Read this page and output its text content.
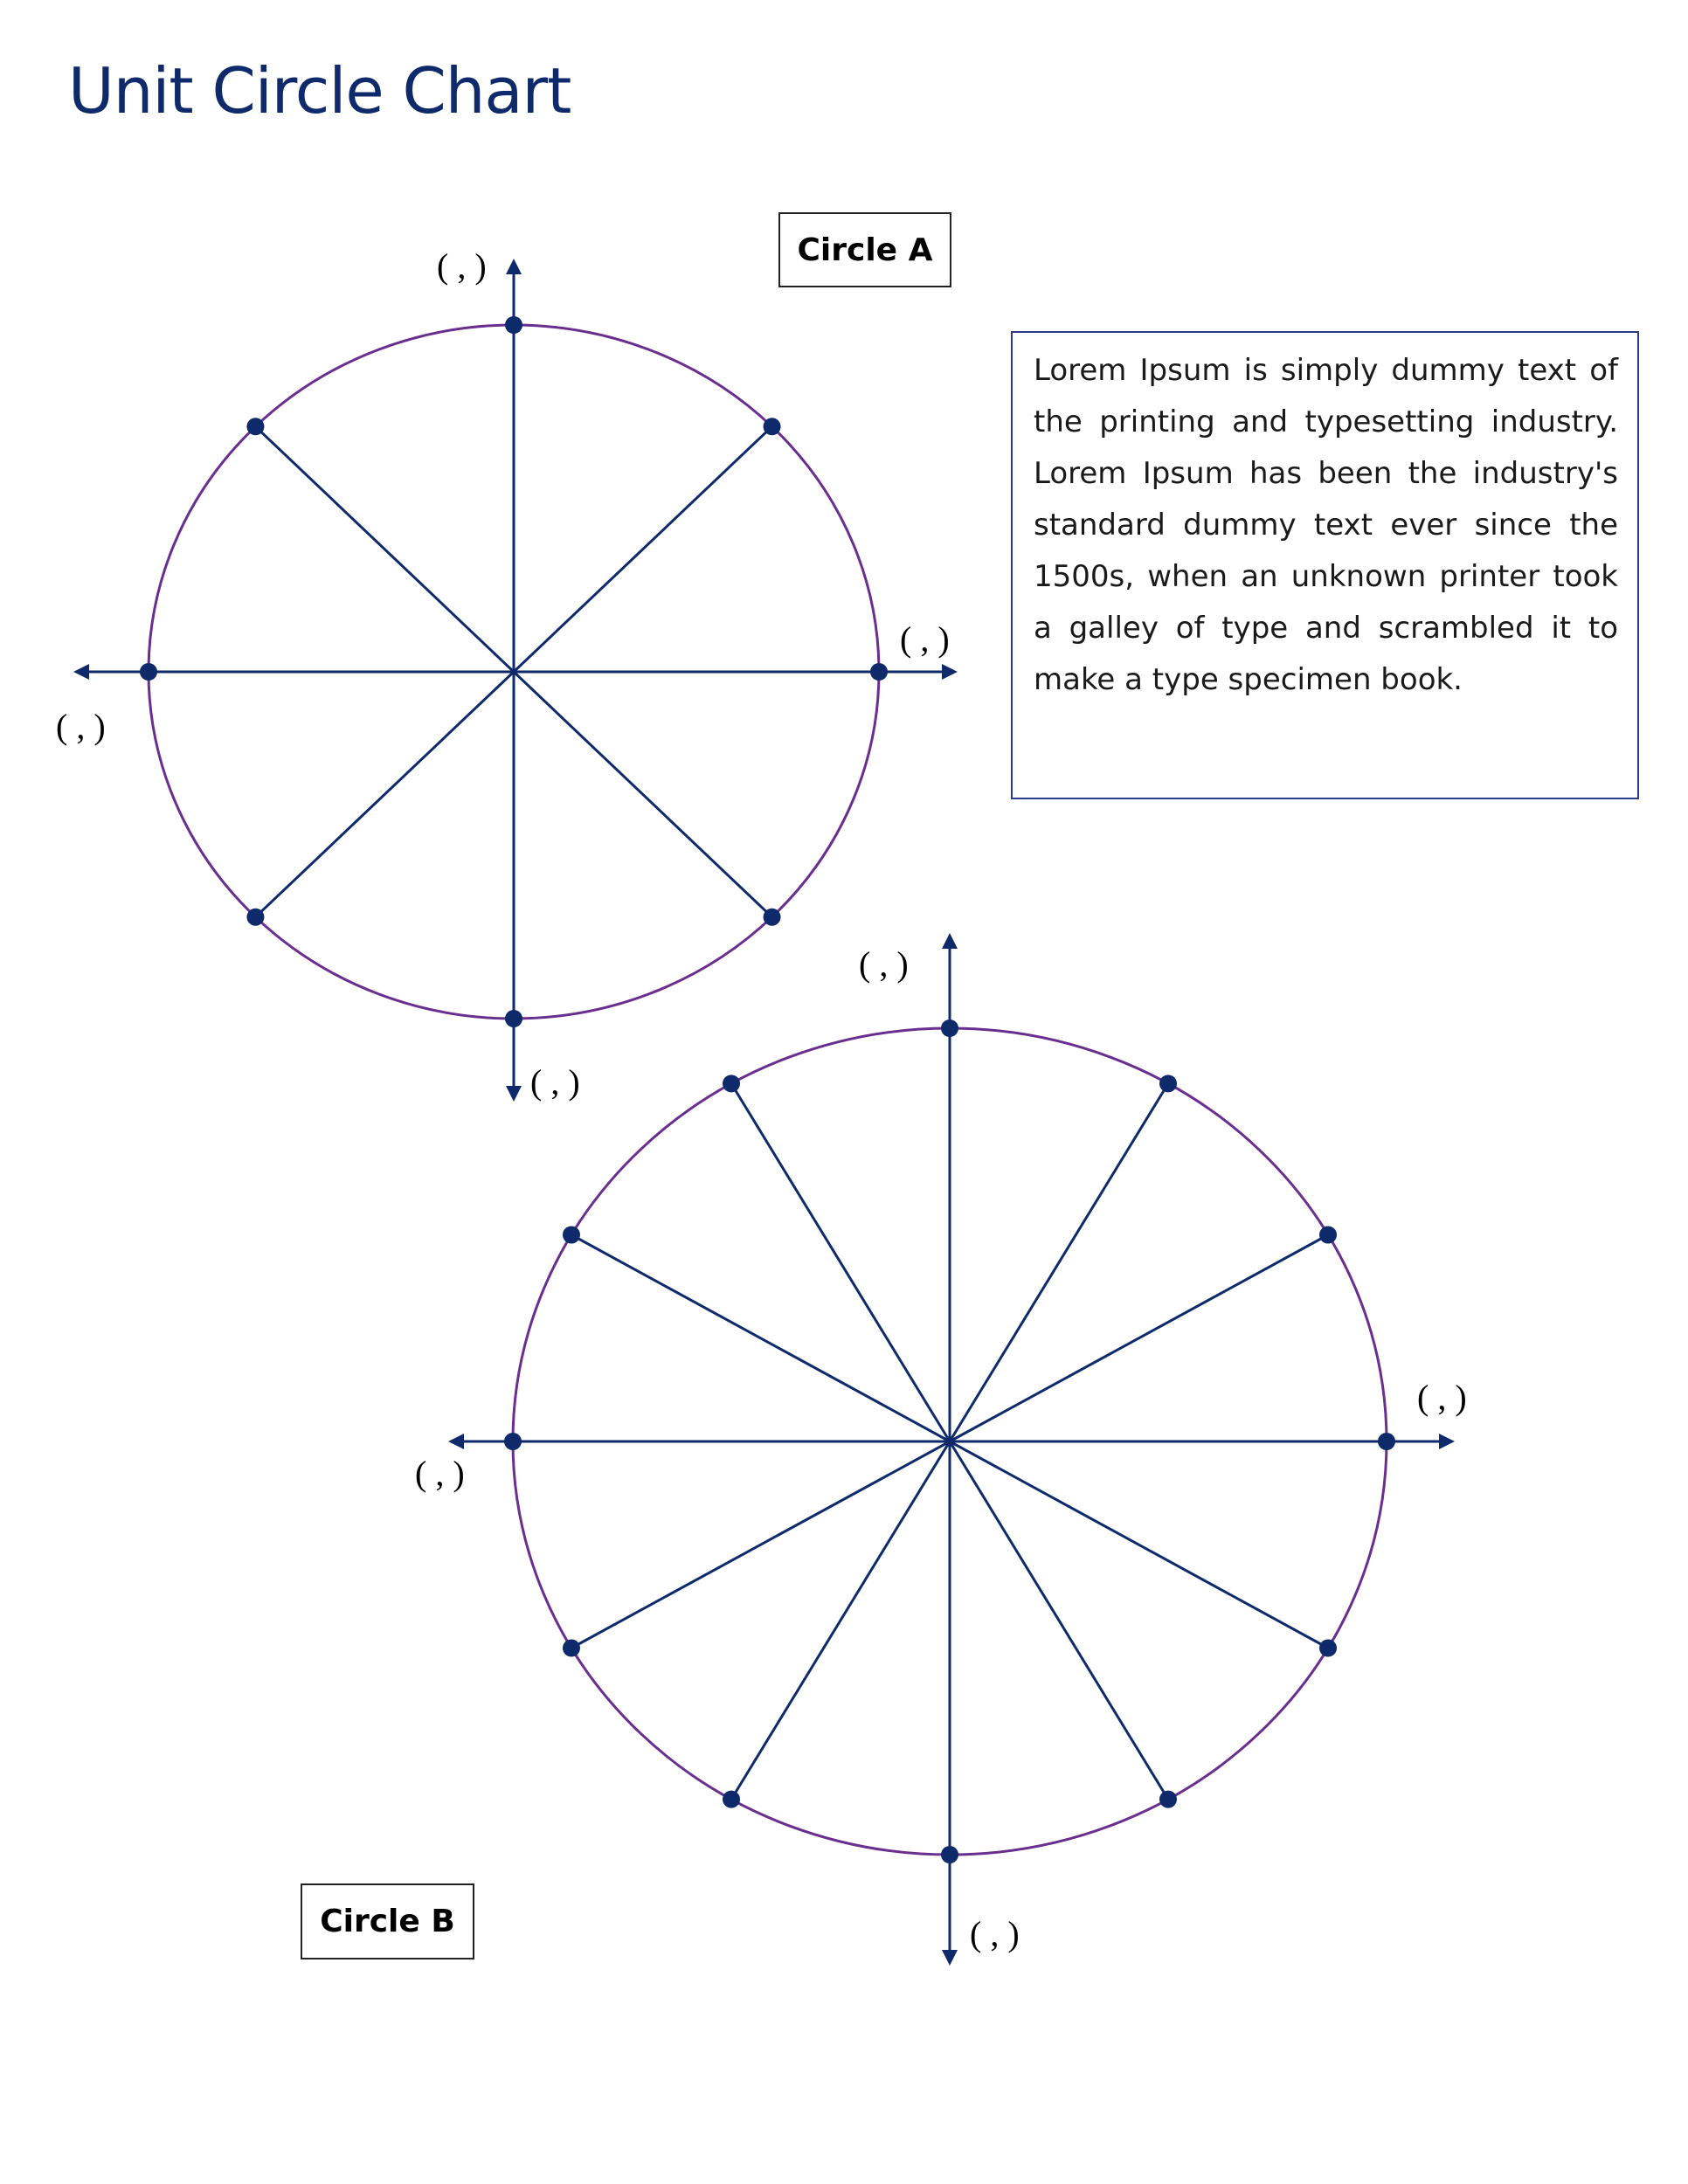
Unit Circle Chart
Circle A
Circle B

Lorem Ipsum is simply dummy text of the printing and typesetting industry. Lorem Ipsum has been the industry's standard dummy text ever since the 1500s, when an unknown printer took a galley of type and scrambled it to make a type specimen book.

( , )
( , )
( , )
( , )
( , )
( , )
( , )
( , )
